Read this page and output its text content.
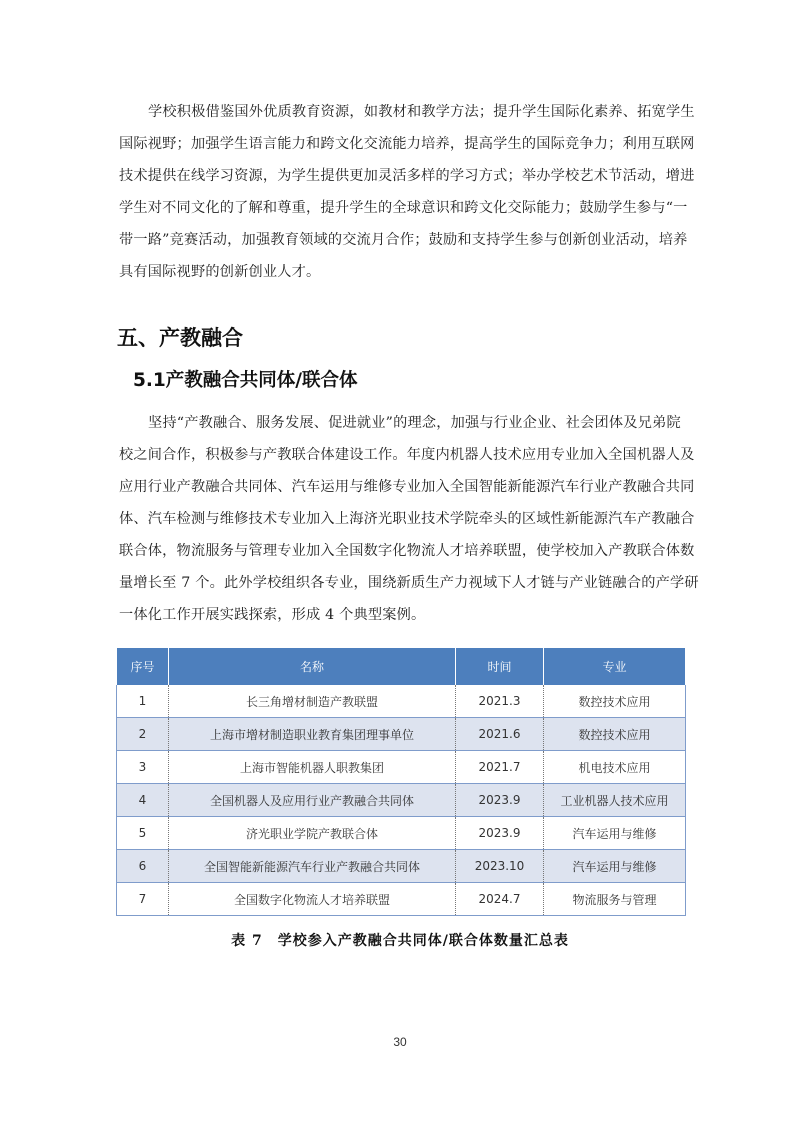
学校积极借鉴国外优质教育资源，如教材和教学方法；提升学生国际化素养、拓宽学生
国际视野；加强学生语言能力和跨文化交流能力培养，提高学生的国际竞争力；利用互联网
技术提供在线学习资源，为学生提供更加灵活多样的学习方式；举办学校艺术节活动，增进
学生对不同文化的了解和尊重，提升学生的全球意识和跨文化交际能力；鼓励学生参与“一
带一路”竞赛活动，加强教育领域的交流月合作；鼓励和支持学生参与创新创业活动，培养
具有国际视野的创新创业人才。
五、产教融合
5.1产教融合共同体/联合体
坚持“产教融合、服务发展、促进就业”的理念，加强与行业企业、社会团体及兄弟院
校之间合作，积极参与产教联合体建设工作。年度内机器人技术应用专业加入全国机器人及
应用行业产教融合共同体、汽车运用与维修专业加入全国智能新能源汽车行业产教融合共同
体、汽车检测与维修技术专业加入上海济光职业技术学院牵头的区域性新能源汽车产教融合
联合体，物流服务与管理专业加入全国数字化物流人才培养联盟，使学校加入产教联合体数
量增长至 7 个。此外学校组织各专业，围绕新质生产力视域下人才链与产业链融合的产学研
一体化工作开展实践探索，形成 4 个典型案例。
序号	名称	时间	专业
1	长三角增材制造产教联盟	2021.3	数控技术应用
2	上海市增材制造职业教育集团理事单位	2021.6	数控技术应用
3	上海市智能机器人职教集团	2021.7	机电技术应用
4	全国机器人及应用行业产教融合共同体	2023.9	工业机器人技术应用
5	济光职业学院产教联合体	2023.9	汽车运用与维修
6	全国智能新能源汽车行业产教融合共同体	2023.10	汽车运用与维修
7	全国数字化物流人才培养联盟	2024.7	物流服务与管理
表 7　学校参入产教融合共同体/联合体数量汇总表
30
